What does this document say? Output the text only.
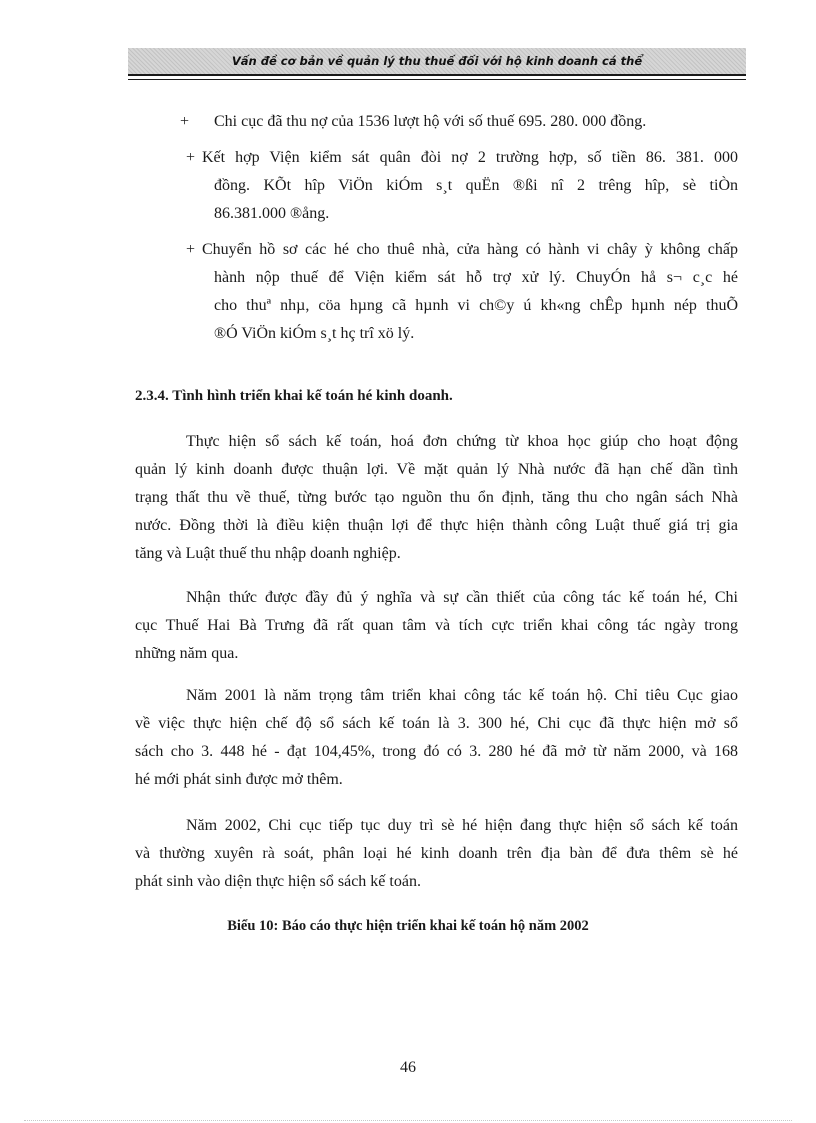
Vấn đề cơ bản về quản lý thu thuế đối với hộ kinh doanh cá thể
+ Chi cục đã thu nợ của 1536 lượt hộ với số thuế 695. 280. 000 đồng.
+ Kết hợp Viện kiểm sát quân đòi nợ 2 trường hợp, số tiền 86. 381. 000
đồng. KÕt hîp ViÖn kiÓm s¸t quËn ®ßi nî 2 trêng hîp, sè tiÒn
86.381.000 ®ång.
+ Chuyển hồ sơ các hé cho thuê nhà, cửa hàng có hành vi chây ỳ không chấp
hành nộp thuế để Viện kiểm sát hỗ trợ xử lý. ChuyÓn hå s¬ c¸c hé
cho thuª nhµ, cöa hµng cã hµnh vi ch©y ú kh«ng chÊp hµnh nép thuÕ
®Ó ViÖn kiÓm s¸t hç trî xö lý.
2.3.4. Tình hình triển khai kế toán hé kinh doanh.
Thực hiện sổ sách kế toán, hoá đơn chứng từ khoa học giúp cho hoạt động
quản lý kinh doanh được thuận lợi. Về mặt quản lý Nhà nước đã hạn chế dần tình
trạng thất thu về thuế, từng bước tạo nguồn thu ổn định, tăng thu cho ngân sách Nhà
nước. Đồng thời là điều kiện thuận lợi để thực hiện thành công Luật thuế giá trị gia
tăng và Luật thuế thu nhập doanh nghiệp.
Nhận thức được đầy đủ ý nghĩa và sự cần thiết của công tác kế toán hé, Chi
cục Thuế Hai Bà Trưng đã rất quan tâm và tích cực triển khai công tác ngày trong
những năm qua.
Năm 2001 là năm trọng tâm triển khai công tác kế toán hộ. Chỉ tiêu Cục giao
về việc thực hiện chế độ sổ sách kế toán là 3. 300 hé, Chi cục đã thực hiện mở sổ
sách cho 3. 448 hé - đạt 104,45%, trong đó có 3. 280 hé đã mở từ năm 2000, và 168
hé mới phát sinh được mở thêm.
Năm 2002, Chi cục tiếp tục duy trì sè hé hiện đang thực hiện sổ sách kế toán
và thường xuyên rà soát, phân loại hé kinh doanh trên địa bàn để đưa thêm sè hé
phát sinh vào diện thực hiện sổ sách kế toán.
Biểu 10: Báo cáo thực hiện triển khai kế toán hộ năm 2002
46
